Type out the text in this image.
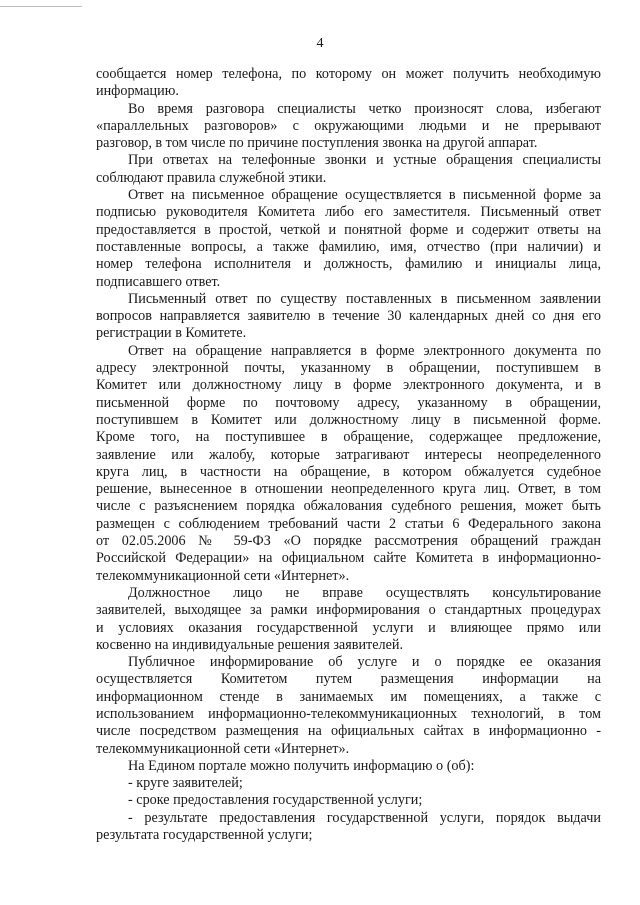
4
сообщается номер телефона, по которому он может получить необходимую
информацию.
Во время разговора специалисты четко произносят слова, избегают
«параллельных разговоров» с окружающими людьми и не прерывают
разговор, в том числе по причине поступления звонка на другой аппарат.
При ответах на телефонные звонки и устные обращения специалисты
соблюдают правила служебной этики.
Ответ на письменное обращение осуществляется в письменной форме за
подписью руководителя Комитета либо его заместителя. Письменный ответ
предоставляется в простой, четкой и понятной форме и содержит ответы на
поставленные вопросы, а также фамилию, имя, отчество (при наличии) и
номер телефона исполнителя и должность, фамилию и инициалы лица,
подписавшего ответ.
Письменный ответ по существу поставленных в письменном заявлении
вопросов направляется заявителю в течение 30 календарных дней со дня его
регистрации в Комитете.
Ответ на обращение направляется в форме электронного документа по
адресу электронной почты, указанному в обращении, поступившем в
Комитет или должностному лицу в форме электронного документа, и в
письменной форме по почтовому адресу, указанному в обращении,
поступившем в Комитет или должностному лицу в письменной форме.
Кроме того, на поступившее в обращение, содержащее предложение,
заявление или жалобу, которые затрагивают интересы неопределенного
круга лиц, в частности на обращение, в котором обжалуется судебное
решение, вынесенное в отношении неопределенного круга лиц. Ответ, в том
числе с разъяснением порядка обжалования судебного решения, может быть
размещен с соблюдением требований части 2 статьи 6 Федерального закона
от 02.05.2006 № 59-ФЗ «О порядке рассмотрения обращений граждан
Российской Федерации» на официальном сайте Комитета в информационно-
телекоммуникационной сети «Интернет».
Должностное лицо не вправе осуществлять консультирование
заявителей, выходящее за рамки информирования о стандартных процедурах
и условиях оказания государственной услуги и влияющее прямо или
косвенно на индивидуальные решения заявителей.
Публичное информирование об услуге и о порядке ее оказания
осуществляется Комитетом путем размещения информации на
информационном стенде в занимаемых им помещениях, а также с
использованием информационно-телекоммуникационных технологий, в том
числе посредством размещения на официальных сайтах в информационно -
телекоммуникационной сети «Интернет».
На Едином портале можно получить информацию о (об):
- круге заявителей;
- сроке предоставления государственной услуги;
- результате предоставления государственной услуги, порядок выдачи
результата государственной услуги;
